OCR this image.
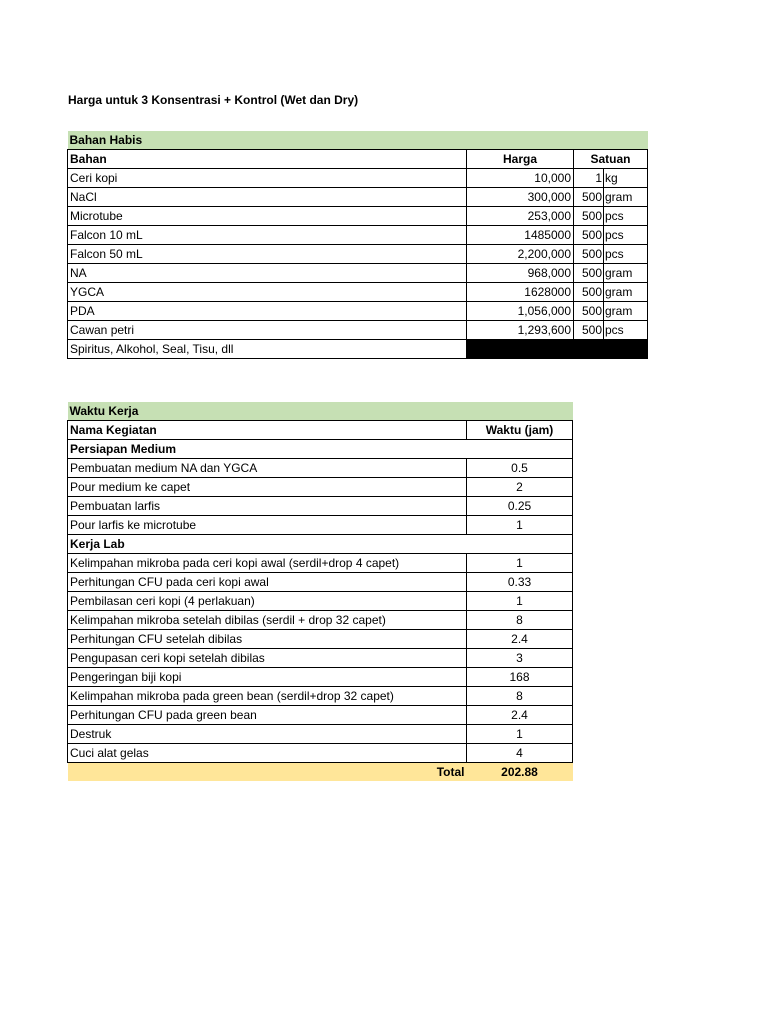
Harga untuk 3 Konsentrasi + Kontrol (Wet dan Dry)
Bahan Habis			
Bahan	Harga	Satuan	
Ceri kopi	10,000	1	kg
NaCl	300,000	500	gram
Microtube	253,000	500	pcs
Falcon 10 mL	1485000	500	pcs
Falcon 50 mL	2,200,000	500	pcs
NA	968,000	500	gram
YGCA	1628000	500	gram
PDA	1,056,000	500	gram
Cawan petri	1,293,600	500	pcs
Spiritus, Alkohol, Seal, Tisu, dll			
Waktu Kerja	
Nama Kegiatan	Waktu (jam)
Persiapan Medium	
Pembuatan medium NA dan YGCA	0.5
Pour medium ke capet	2
Pembuatan larfis	0.25
Pour larfis ke microtube	1
Kerja Lab	
Kelimpahan mikroba pada ceri kopi awal (serdil+drop 4 capet)	1
Perhitungan CFU pada ceri kopi awal	0.33
Pembilasan ceri kopi (4 perlakuan)	1
Kelimpahan mikroba setelah dibilas (serdil + drop 32 capet)	8
Perhitungan CFU setelah dibilas	2.4
Pengupasan ceri kopi setelah dibilas	3
Pengeringan biji kopi	168
Kelimpahan mikroba pada green bean (serdil+drop 32 capet)	8
Perhitungan CFU pada green bean	2.4
Destruk	1
Cuci alat gelas	4
Total	202.88
